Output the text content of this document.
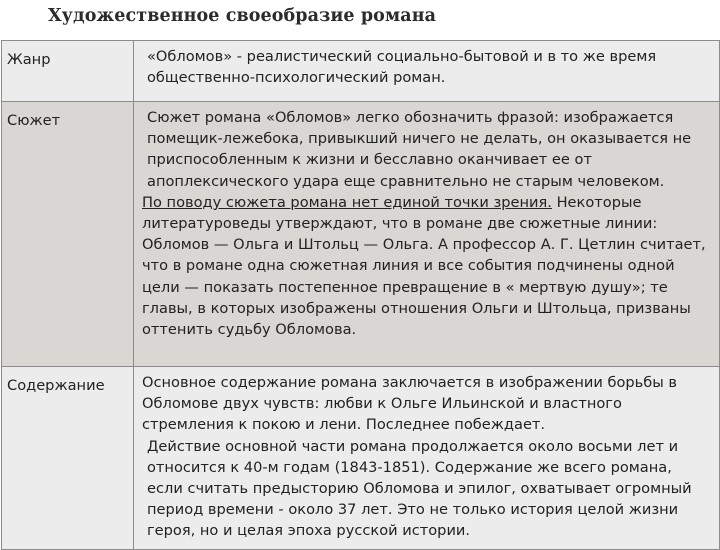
Художественное своеобразие романа
Жанр	«Обломов» - реалистический социально-бытовой и в то же время общественно-психологический роман.

Сюжет	Сюжет романа «Обломов» легко обозначить фразой: изображается помещик-лежебока, привыкший ничего не делать, он оказывается не приспособленным к жизни и бесславно оканчивает ее от апоплексического удара еще сравнительно не старым человеком.

По поводу сюжета романа нет единой точки зрения. Некоторые литературоведы утверждают, что в романе две сюжетные линии: Обломов — Ольга и Штольц — Ольга. А профессор А. Г. Цетлин считает, что в романе одна сюжетная линия и все события подчинены одной цели — показать постепенное превращение в « мертвую душу»; те главы, в которых изображены отношения Ольги и Штольца, призваны оттенить судьбу Обломова.

Содержание	Основное содержание романа заключается в изображении борьбы в Обломове двух чувств: любви к Ольге Ильинской и властного стремления к покою и лени. Последнее побеждает.

Действие основной части романа продолжается около восьми лет и относится к 40-м годам (1843-1851). Содержание же всего романа, если считать предысторию Обломова и эпилог, охватывает огромный период времени - около 37 лет. Это не только история целой жизни героя, но и целая эпоха русской истории.
